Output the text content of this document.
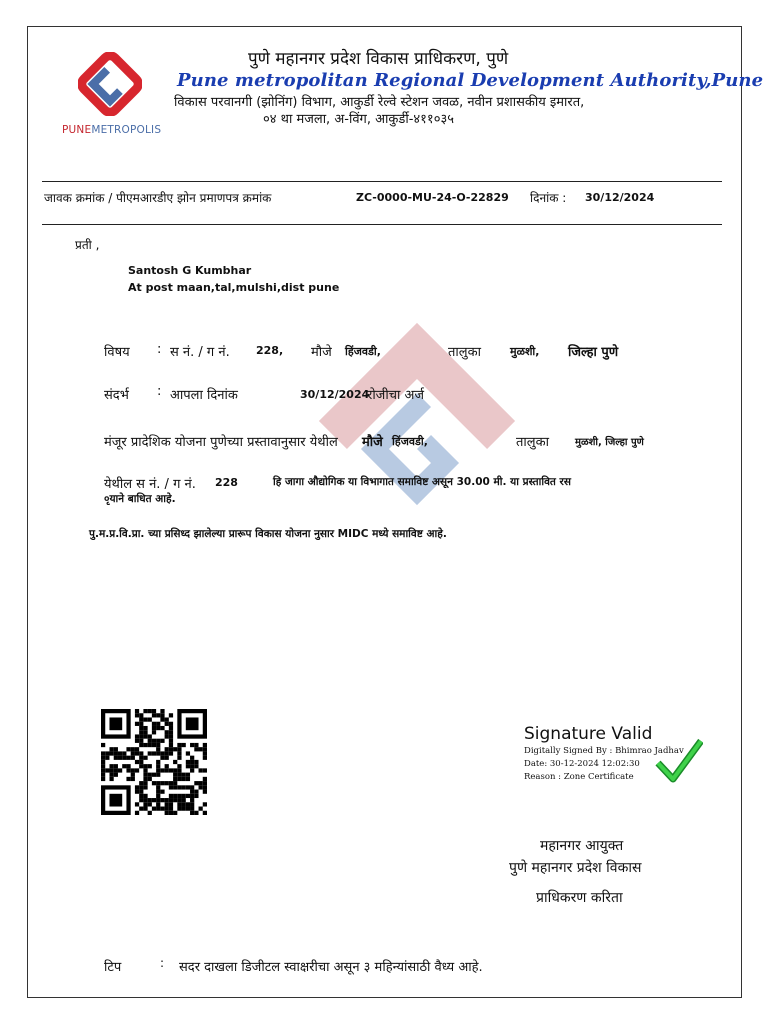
PUNEMETROPOLIS
पुणे महानगर प्रदेश विकास प्राधिकरण, पुणे
Pune metropolitan Regional Development Authority,Pune
विकास परवानगी (झोनिंग) विभाग, आकुर्डी रेल्वे स्टेशन जवळ, नवीन प्रशासकीय इमारत,
०४ था मजला, अ-विंग, आकुर्डी-४११०३५
जावक क्रमांक / पीएमआरडीए झोन प्रमाणपत्र क्रमांक	ZC-0000-MU-24-O-22829 दिनांक : 30/12/2024
प्रती ,
Santosh G Kumbhar
At post maan,tal,mulshi,dist pune
विषय : स नं. / ग नं. 228, मौजे हिंजवडी,	तालुका	मुळशी, जिल्हा पुणे
संदर्भ : आपला दिनांक	30/12/2024
रोजीचा अर्ज
मंजूर प्रादेशिक योजना पुणेच्या प्रस्तावानुसार येथील मौजे हिंजवडी,	तालुका	मुळशी, जिल्हा पुणे
येथील स नं. / ग नं. 228	हि जागा औद्योगिक या विभागात समाविष्ट असून 30.00 मी. या प्रस्तावित रस
०ृयाने बाधित आहे.
पु.म.प्र.वि.प्रा. च्या प्रसिध्द झालेल्या प्रारूप विकास योजना नुसार MIDC मध्ये समाविष्ट आहे.
Signature Valid
Digitally Signed By : Bhimrao Jadhav
Date: 30-12-2024 12:02:30
Reason : Zone Certificate
महानगर आयुक्त
पुणे महानगर प्रदेश विकास
प्राधिकरण करिता
टिप	: सदर दाखला डिजीटल स्वाक्षरीचा असून ३ महिन्यांसाठी वैध्य आहे.
